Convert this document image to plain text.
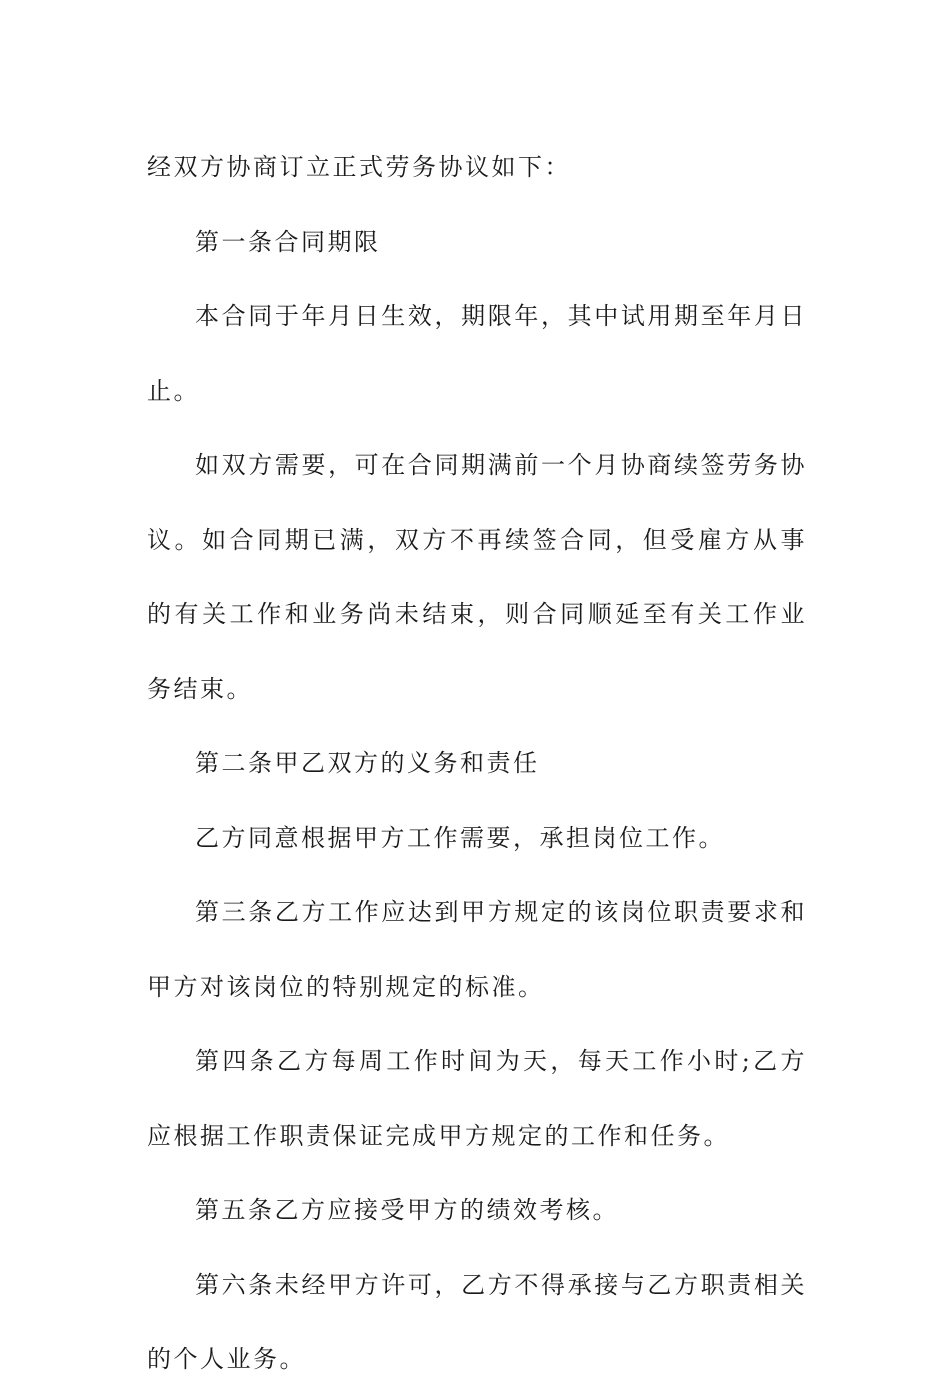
经双方协商订立正式劳务协议如下：

第一条合同期限

本合同于年月日生效，期限年，其中试用期至年月日止。

如双方需要，可在合同期满前一个月协商续签劳务协议。如合同期已满，双方不再续签合同，但受雇方从事的有关工作和业务尚未结束，则合同顺延至有关工作业务结束。

第二条甲乙双方的义务和责任

乙方同意根据甲方工作需要，承担岗位工作。

第三条乙方工作应达到甲方规定的该岗位职责要求和甲方对该岗位的特别规定的标准。

第四条乙方每周工作时间为天，每天工作小时;乙方应根据工作职责保证完成甲方规定的工作和任务。

第五条乙方应接受甲方的绩效考核。

第六条未经甲方许可，乙方不得承接与乙方职责相关的个人业务。
